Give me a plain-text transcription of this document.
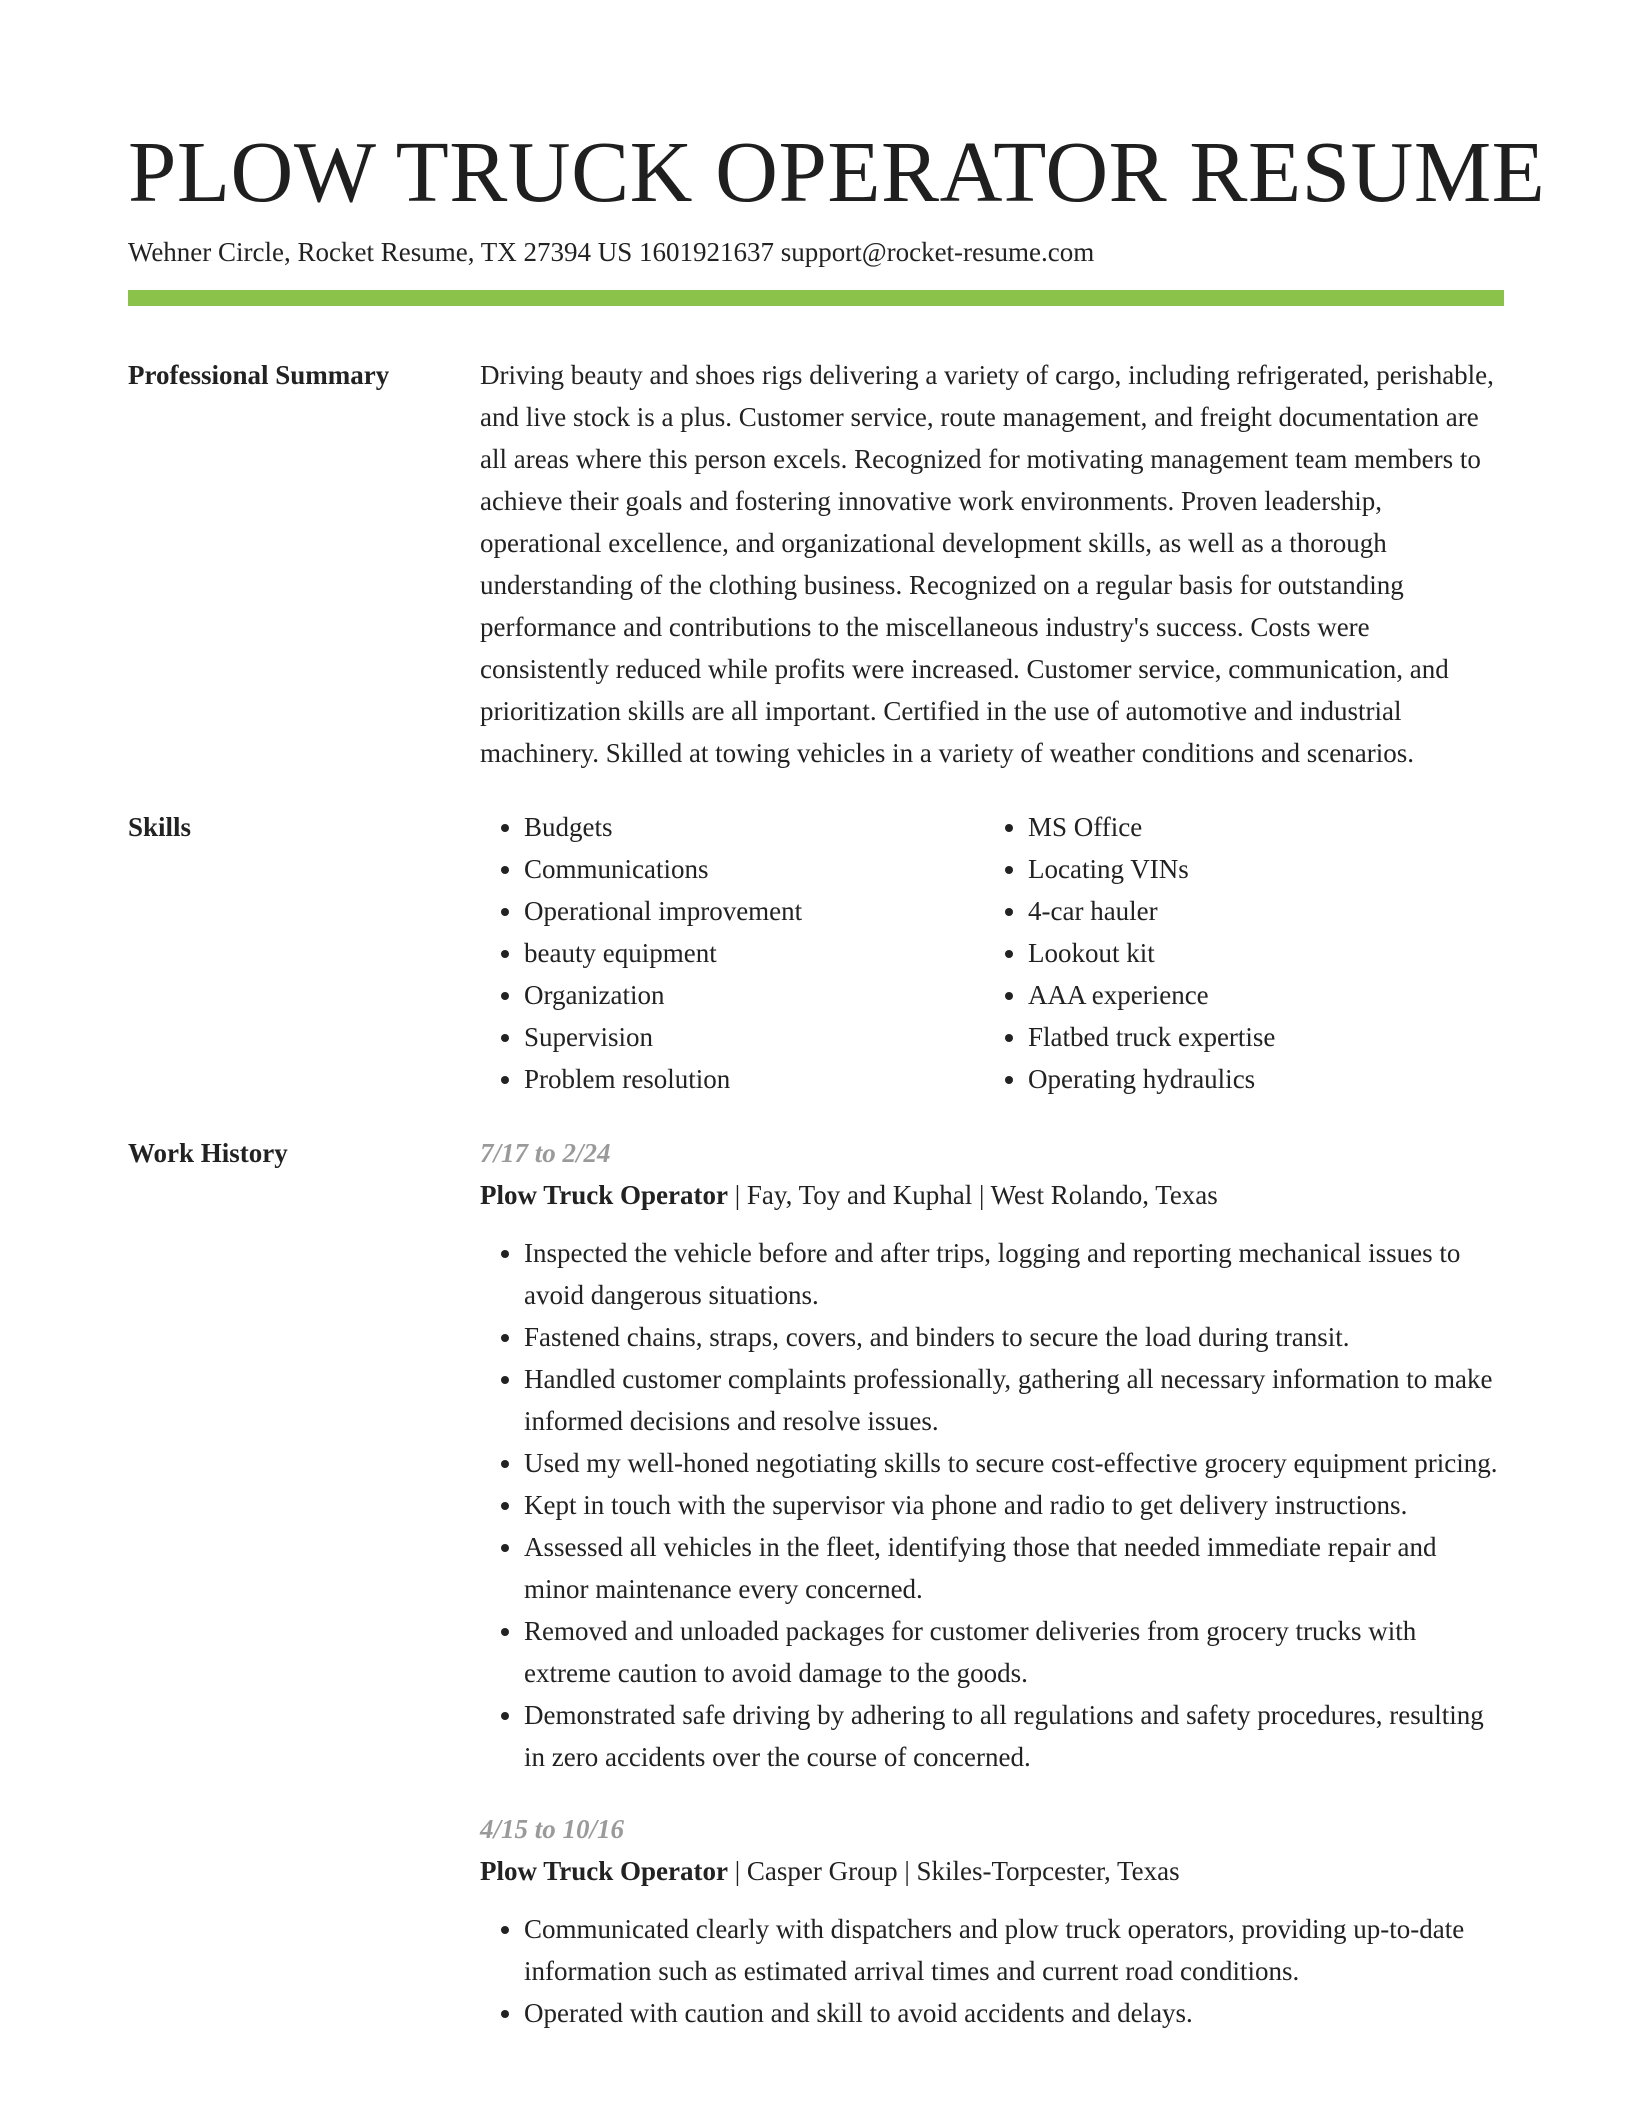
PLOW TRUCK OPERATOR RESUME
Wehner Circle, Rocket Resume, TX 27394 US 1601921637 support@rocket-resume.com
Professional Summary	Driving beauty and shoes rigs delivering a variety of cargo, including refrigerated, perishable, and live stock is a plus. Customer service, route management, and freight documentation are all areas where this person excels. Recognized for motivating management team members to achieve their goals and fostering innovative work environments. Proven leadership, operational excellence, and organizational development skills, as well as a thorough understanding of the clothing business. Recognized on a regular basis for outstanding performance and contributions to the miscellaneous industry's success. Costs were consistently reduced while profits were increased. Customer service, communication, and prioritization skills are all important. Certified in the use of automotive and industrial machinery. Skilled at towing vehicles in a variety of weather conditions and scenarios.

Skills
•	Budgets
• Communications
• Operational improvement
• beauty equipment
• Organization
• Supervision
• Problem resolution
• MS Office
• Locating VINs
• 4-car hauler
• Lookout kit
• AAA experience
• Flatbed truck expertise
• Operating hydraulics
Work History	7/17 to 2/24
Plow Truck Operator | Fay, Toy and Kuphal | West Rolando, Texas
• Inspected the vehicle before and after trips, logging and reporting mechanical issues to avoid dangerous situations.
• Fastened chains, straps, covers, and binders to secure the load during transit.
• Handled customer complaints professionally, gathering all necessary information to make informed decisions and resolve issues.
• Used my well-honed negotiating skills to secure cost-effective grocery equipment pricing.
• Kept in touch with the supervisor via phone and radio to get delivery instructions.
• Assessed all vehicles in the fleet, identifying those that needed immediate repair and minor maintenance every concerned.
• Removed and unloaded packages for customer deliveries from grocery trucks with extreme caution to avoid damage to the goods.
• Demonstrated safe driving by adhering to all regulations and safety procedures, resulting in zero accidents over the course of concerned.
4/15 to 10/16
Plow Truck Operator | Casper Group | Skiles-Torpcester, Texas
• Communicated clearly with dispatchers and plow truck operators, providing up-to-date information such as estimated arrival times and current road conditions.
• Operated with caution and skill to avoid accidents and delays.
